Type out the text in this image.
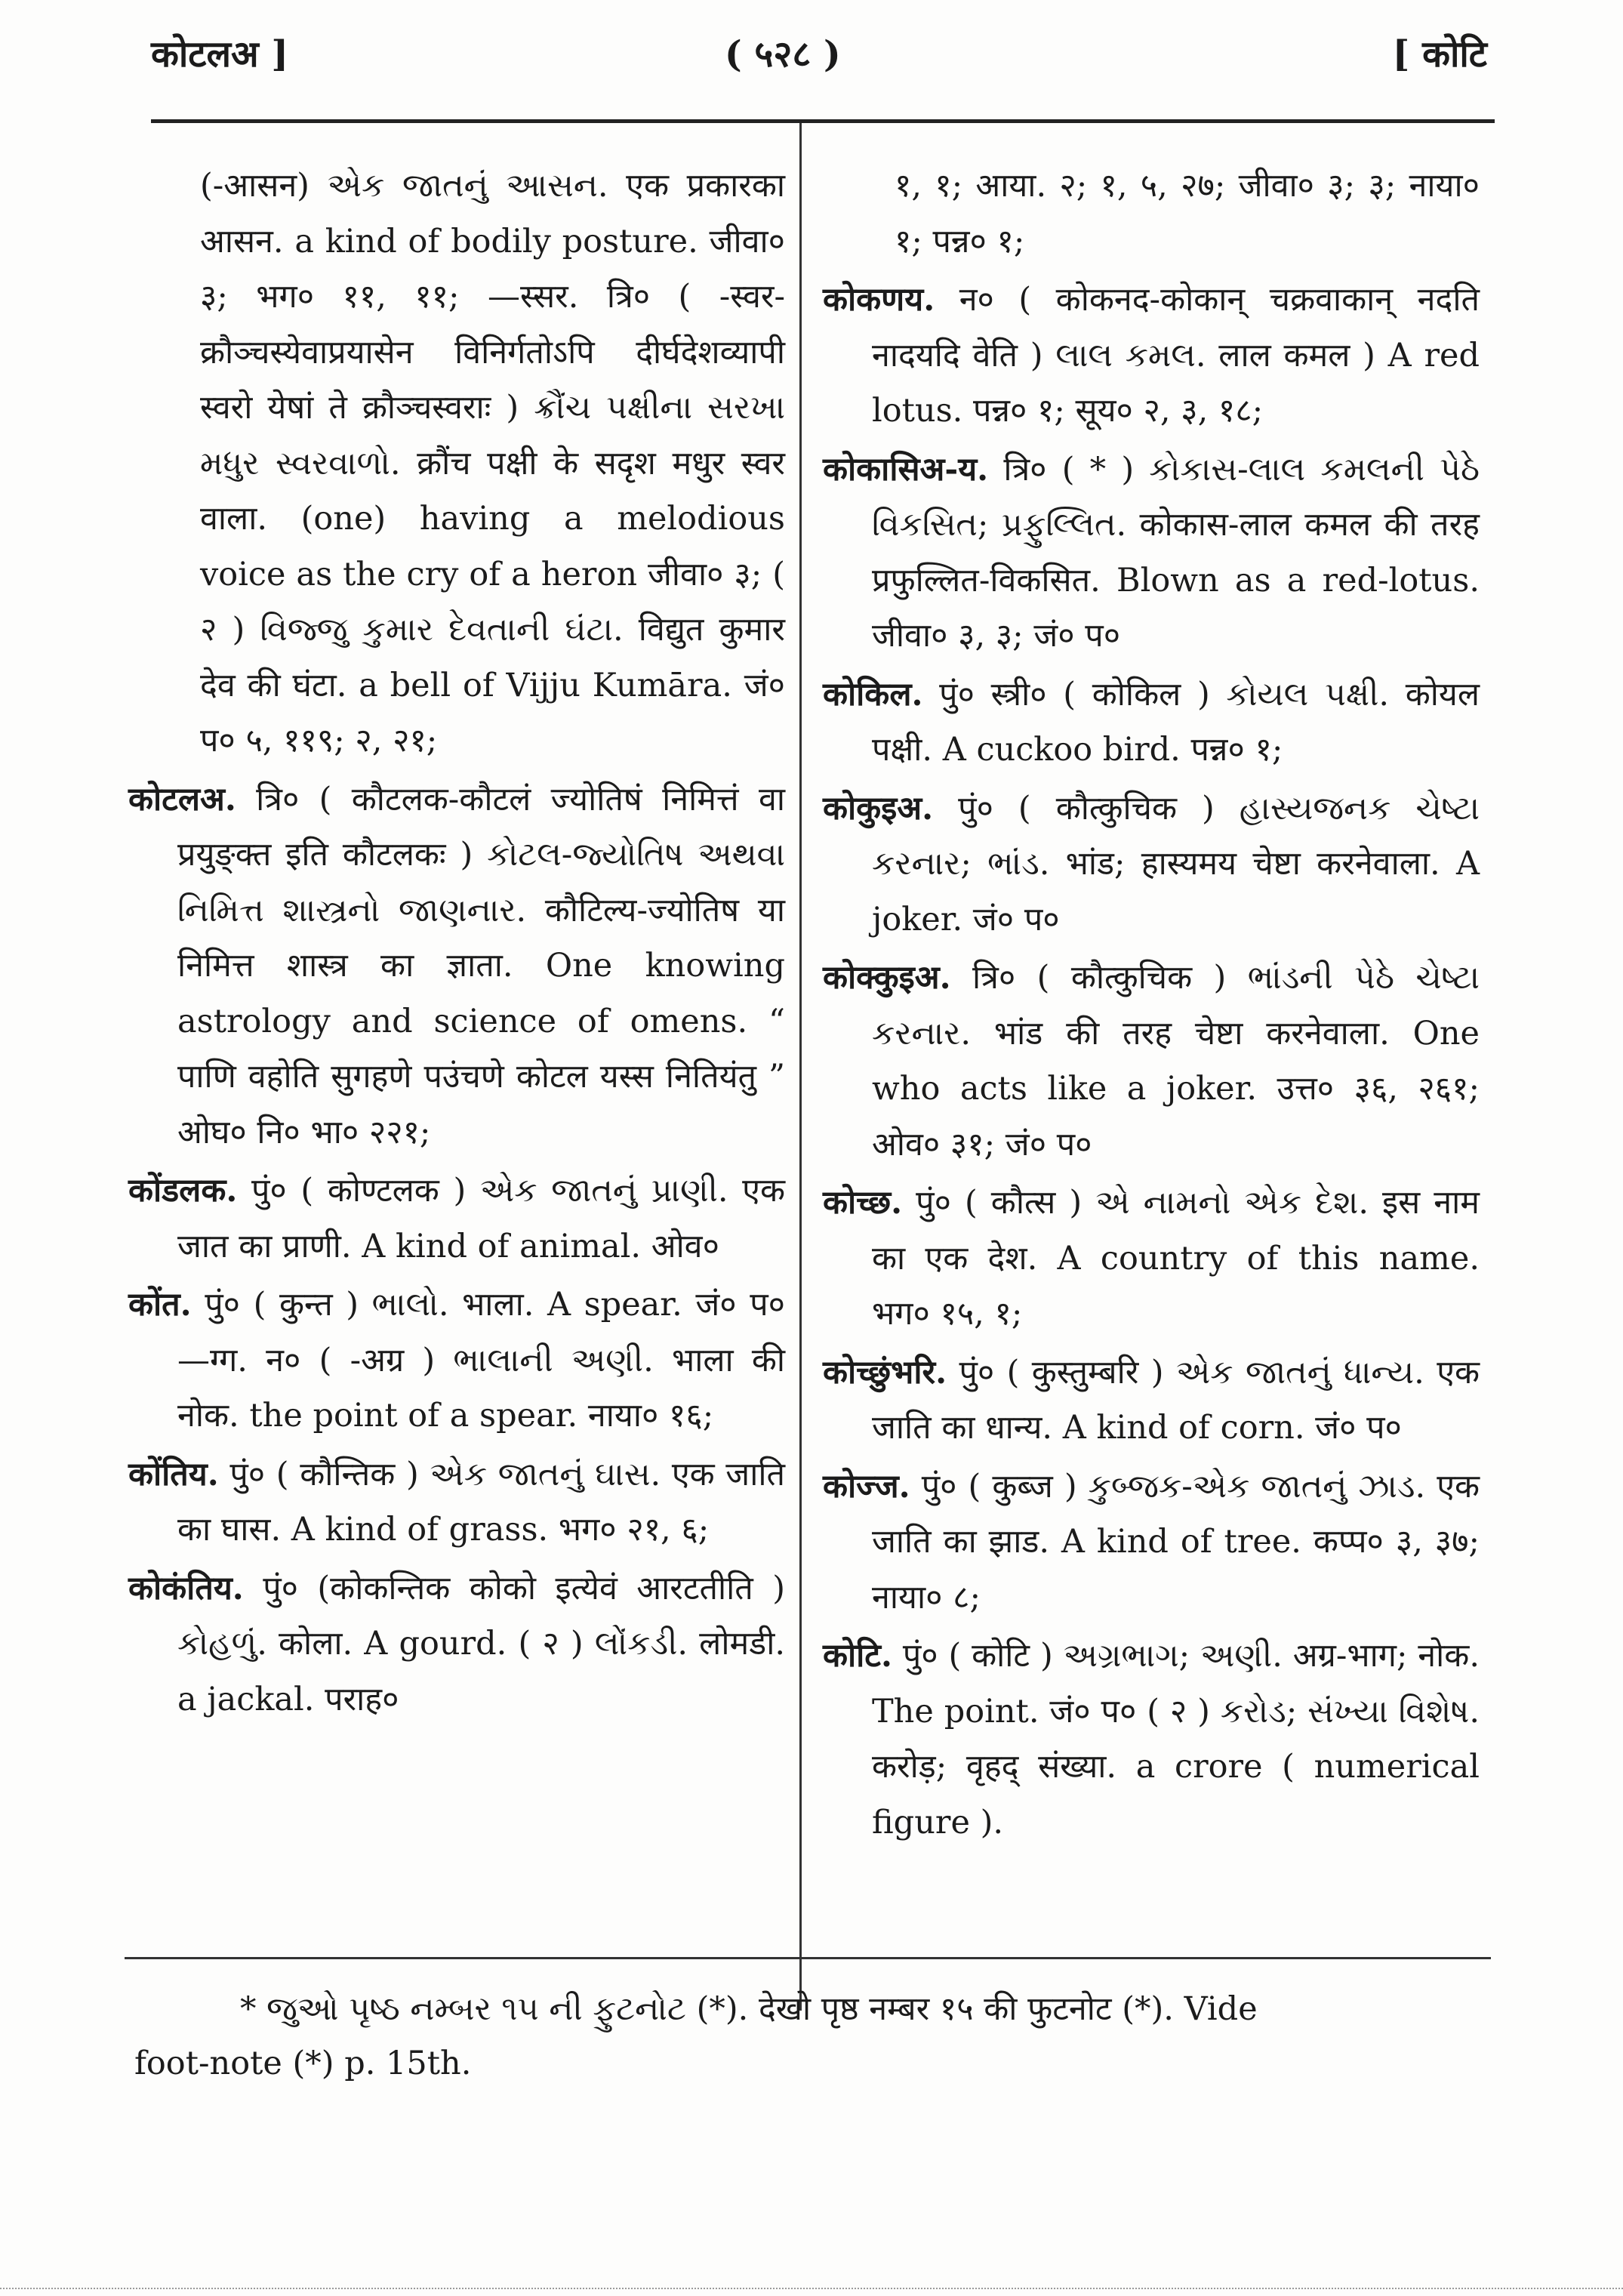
कोटलअ ]	( ५२८ )	[ कोटि

(-आसन) એક જાતનું આસન. एक प्रकारका आसन. a kind of bodily posture. जीवा० ३; भग० ११, ११; —स्सर. त्रि० ( -स्वर-क्रौञ्चस्येवाप्रयासेन विनिर्गतोऽपि दीर्घदेशव्यापी स्वरो येषां ते क्रौञ्चस्वराः ) ક્રૌંચ પક્ષીના સરખા મધુર સ્વરવાળો. क्रौंच पक्षी के सदृश मधुर स्वर वाला. (one) having a melodious voice as the cry of a heron जीवा० ३; ( २ ) વિજ્જુ કુમાર દેવતાની ઘંટા. विद्युत कुमार देव की घंटा. a bell of Vijju Kumāra. जं० प० ५, ११९; २, २१;

कोटलअ. त्रि० ( कौटलक-कौटलं ज्योतिषं निमित्तं वा प्रयुङ्क्त इति कौटलकः ) કોટલ-જ્યોતિષ અથવા નિમિત્ત શાસ્ત્રનો જાણનાર. कौटिल्य-ज्योतिष या निमित्त शास्त्र का ज्ञाता. One knowing astrology and science of omens. “ पाणि वहोति सुगहणे पउंचणे कोटल यस्स नितियंतु ” ओघ० नि० भा० २२१;

कोंडलक. पुं० ( कोण्टलक ) એક જાતનું પ્રાણી. एक जात का प्राणी. A kind of animal. ओव०

कोंत. पुं० ( कुन्त ) ભાલો. भाला. A spear. जं० प० —ग्ग. न० ( -अग्र ) ભાલાની અણી. भाला की नोक. the point of a spear. नाया० १६;

कोंतिय. पुं० ( कौन्तिक ) એક જાતનું ઘાસ. एक जाति का घास. A kind of grass. भग० २१, ६;

कोकंतिय. पुं० (कोकन्तिक कोको इत्येवं आरटतीति ) કોહળું. कोला. A gourd. ( २ ) લોંકડી. लोमडी. a jackal. पराह०

१, १; आया. २; १, ५, २७; जीवा० ३; ३; नाया० १; पन्न० १;

कोकणय. न० ( कोकनद-कोकान् चक्रवाकान् नदति नादयदि वेति ) લાલ કમલ. लाल कमल ) A red lotus. पन्न० १; सूय० २, ३, १८;

कोकासिअ-य. त्रि० ( * ) કોકાસ-લાલ કમલની પેઠે વિકસિત; પ્રફુલ્લિત. कोकास-लाल कमल की तरह प्रफुल्लित-विकसित. Blown as a red-lotus. जीवा० ३, ३; जं० प०

कोकिल. पुं० स्त्री० ( कोकिल ) કોયલ પક્ષી. कोयल पक्षी. A cuckoo bird. पन्न० १;

कोकुइअ. पुं० ( कौत्कुचिक ) હાસ્યજનક ચેષ્ટા કરનાર; ભાંડ. भांड; हास्यमय चेष्टा करनेवाला. A joker. जं० प०

कोक्कुइअ. त्रि० ( कौत्कुचिक ) ભાંડની પેઠે ચેષ્ટા કરનાર. भांड की तरह चेष्टा करनेवाला. One who acts like a joker. उत्त० ३६, २६१; ओव० ३१; जं० प०

कोच्छ. पुं० ( कौत्स ) એ નામનો એક દેશ. इस नाम का एक देश. A country of this name. भग० १५, १;

कोच्छुंभरि. पुं० ( कुस्तुम्बरि ) એક જાતનું ધાન્ય. एक जाति का धान्य. A kind of corn. जं० प०

कोज्ज. पुं० ( कुब्ज ) કુબ્જક-એક જાતનું ઝાડ. एक जाति का झाड. A kind of tree. कप्प० ३, ३७; नाया० ८;

कोटि. पुं० ( कोटि ) અગ્રભાગ; અણી. अग्र-भाग; नोक. The point. जं० प० ( २ ) કરોડ; સંખ્યા વિશેષ. करोड़; वृहद् संख्या. a crore ( numerical figure ).

* જુઓ પૃષ્ઠ નમ્બર ૧૫ ની ફુટનોટ (*). देखो पृष्ठ नम्बर १५ की फुटनोट (*). Vide
foot-note (*) p. 15th.
